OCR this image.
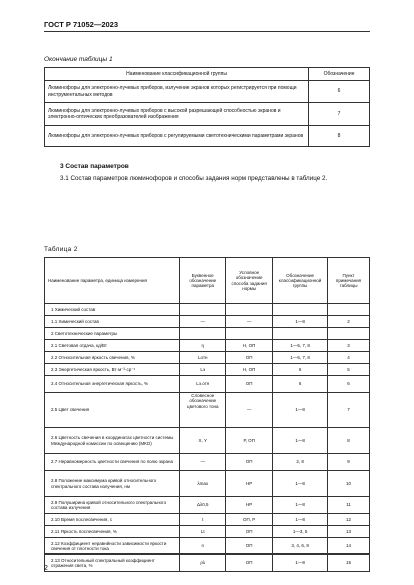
ГОСТ Р 71052—2023
Окончание таблицы 1
Наименование классификационной группы	Обозначение
Люминофоры для электронно-лучевых приборов, излучение экранов которых регистрируется при помощи инструментальных методов	6
Люминофоры для электронно-лучевых приборов с высокой разрешающей способностью экранов и электронно-оптических преобразователей изображения	7
Люминофоры для электронно-лучевых приборов с регулируемыми светотехническими параметрами экранов	8
3 Состав параметров
3.1 Состав параметров люминофоров и способы задания норм представлены в таблице 2.
Таблица 2
Наименование параметра, единица измерения	Буквенное обозначение параметра	Условное обозначение способа задания нормы	Обозначение классификационной группы	Пункт примечания таблицы
1 Химический состав				
1.1 Химический состав	—	—	1—8	2
2 Светотехнические параметры				
2.1 Световая отдача, кд/Вт	η	Н, ОП	1—5, 7, 8	3
2.2 Относительная яркость свечения, %	Lотн	ОП	1—5, 7, 8	4
2.3 Энергетическая яркость, Вт·м⁻²·ср⁻¹	Lэ	Н, ОП	6	5
2.4 Относительная энергетическая яркость, %	Lэ.отн	ОП	6	6
2.5 Цвет свечения	Словесное обозначение цветового тона	—	1—8	7
2.6 Цветность свечения в координатах цветности системы Международной комиссии по освещению (МКО)	X, Y	Р, ОП	1—8	8
2.7 Неравномерность цветности свечения по полю экрана	—	ОП	2, 8	9
2.8 Положение максимума кривой относительного спектрального состава излучения, нм	λmax	НР	1—8	10
2.9 Полуширина кривой относительного спектрального состава излучения	Δλ0,5	НР	1—8	11
2.10 Время послесвечения, с	t	ОП, Р	1—8	12
2.11 Яркость послесвечения, %	Lt	ОП	1—3, 5	13
2.12 Коэффициент неравнйности зависимости яркости свечения от плотности тока	n	ОП	3, 4, 6, 8	14
2.13 Относительный спектральный коэффициент отражения света, %	ρλ	ОП	1—8	15
2
